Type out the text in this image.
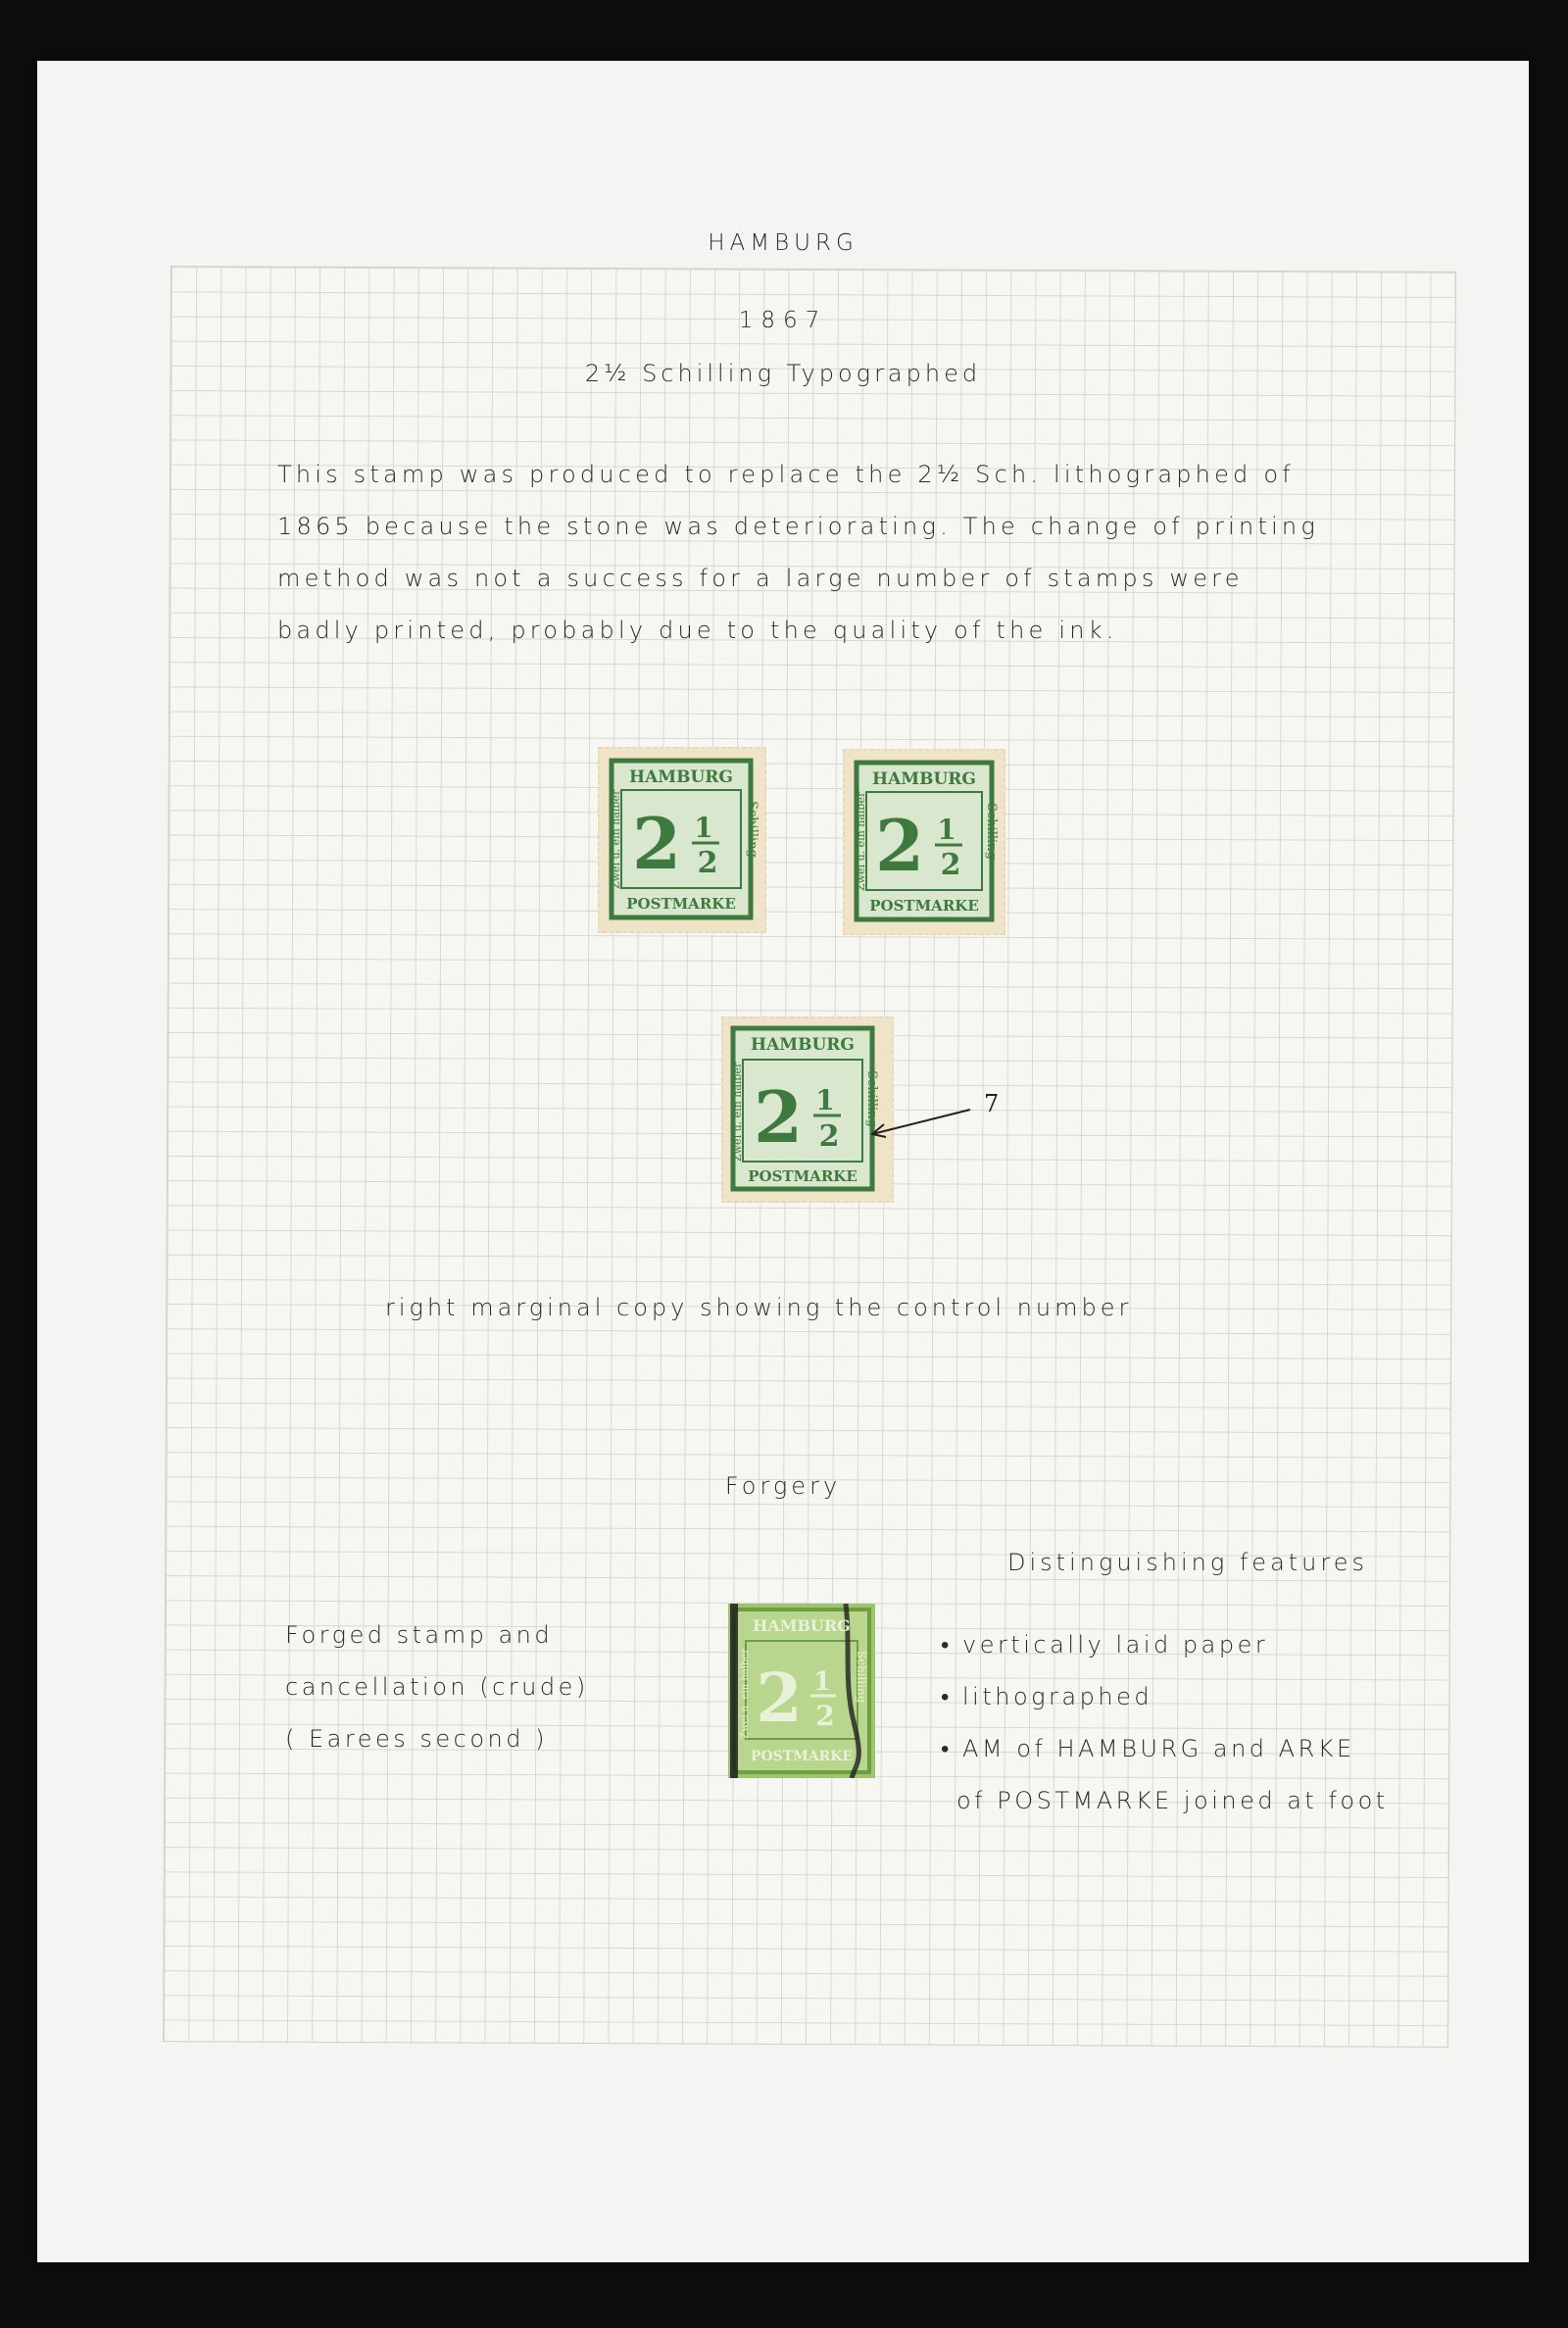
HAMBURG
1867
2½ Schilling Typographed
This stamp was produced to replace the 2½ Sch. lithographed of
1865 because the stone was deteriorating. The change of printing
method was not a success for a large number of stamps were
badly printed, probably due to the quality of the ink.
HAMBURG
POSTMARKE
2 1
2
Zwei u. ein halber	Schilling
HAMBURG
POSTMARKE
2 1
2
Zwei u. ein halber	Schilling
HAMBURG
POSTMARKE
2 1
2
Zwei u. ein halber	Schilling	7
right marginal copy showing the control number
Forgery
Distinguishing features
Forged stamp and
cancellation (crude)
( Earees second )
HAMBURG
POSTMARKE
2 1
2
Zwei u. ein halber	Schilling
• vertically laid paper
• lithographed
• AM of HAMBURG and ARKE
of POSTMARKE joined at foot
